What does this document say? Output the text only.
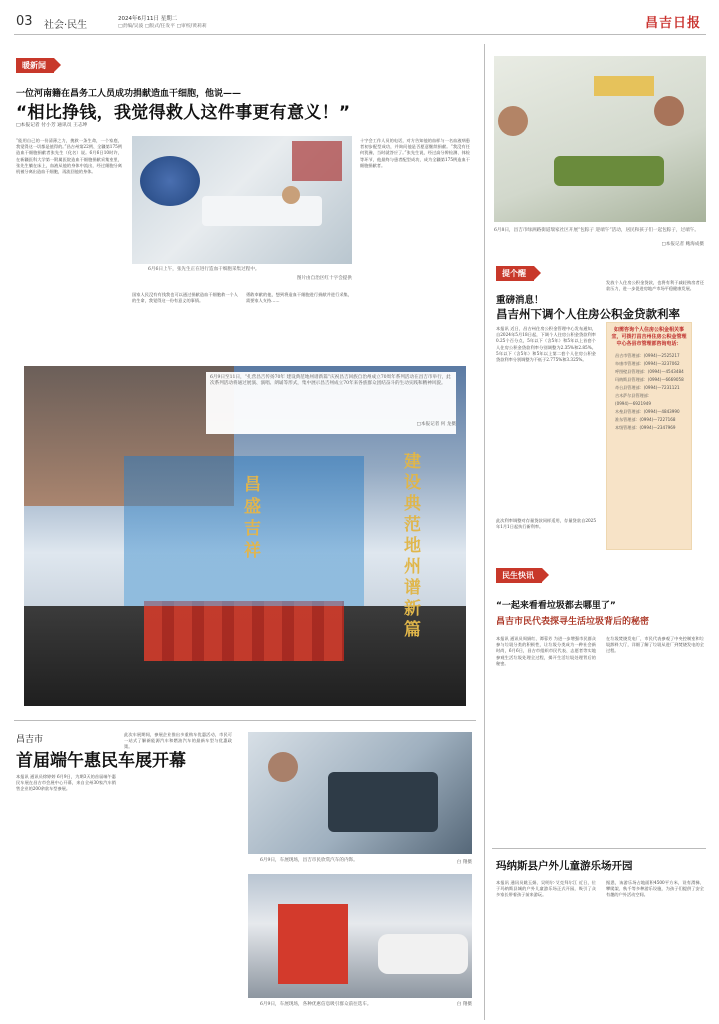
03 社会·民生
2024年6月11日 星期二
□责编/吴波 □版式/任发平 □审校/黄莉莉	昌吉日报
暖新闻
一位河南籍在昌务工人员成功捐献造血干细胞，他说——
“相比挣钱，我觉得救人这件事更有意义！”
□本报记者 付小芳 通讯员 王志坤
“能用自己的一份清薄之力，挽救一条生命，一个家庭，我觉得这一切都是值得的。”昌吉州第22例、全疆第175例造血干细胞捐献者张先生（化名）说。6月6日10时许，在新疆医科大学第一附属医院造血干细胞捐献采集室里，张先生躺在床上，血液从他的身体中流出，经过细胞分离机被分离出造血干细胞，再流回他的身体。
6月6日上午，张先生正在进行造血干细胞采集过程中。
图片由自治区红十字会提供
国家人民没有有钱我也可以通过捐献造血干细胞救一个人的生命，我觉得这一份有意义的事情。
勇敢奉献的他，想到将造血干细胞进行捐献并进行采集，需要家人支持……
十字会工作人员的电话，对方告知他的血样与一名血液病患者初步配型成功，并询问他是否愿意继续捐献。“我没有任何犹豫，当时就答应了。”张先生说，经过高分辨检测、体检等环节，他最终与患者配型成功，成为全疆第175例造血干细胞捐献者。
6月8日，昌吉市绿洲路街道瑞家社区开展“包粽子 迎端午”活动，居民和孩子们一起包粽子，过端午。
□本报记者 鲍海成摄
6月9日至11日，“扎营昌吉传扬70年 建设典范地州谱新篇”庆祝昌吉回族自治州成立70周年系列活动在昌吉市举行，此次系列活动将通过展演、演唱、朗诵等形式，集中展示昌吉州成立70年来各族群众团结奋斗的生动实践和精神风貌。
□本报记者 何 龙摄
建设典范地州谱新篇
昌盛吉祥
提个醒
重磅消息！
昌吉州下调个人住房公积金贷款利率
本报讯 近日，昌吉州住房公积金管理中心发布通知，自2024年5月18日起，下调个人住房公积金贷款利率0.25个百分点，5年以下（含5年）和5年以上首套个人住房公积金贷款利率分别调整为2.35%和2.85%。5年以下（含5年）和5年以上第二套个人住房公积金贷款利率分别调整为不低于2.775%和3.325%。
此次利率调整对存量贷款同样适用，存量贷款自2025年1月1日起执行新利率。
发放个人住房公积金贷款，也将有利于减轻购房者还款压力，进一步促进房地产市场平稳健康发展。
如需咨询个人住房公积金相关事宜，可拨打昌吉州住房公积金管理中心各县市管理部咨询电话：
昌吉市管理部：(0994)—2525217
阜康市管理部：(0994)—3237062
呼图壁县管理部：(0994)—4543484
玛纳斯县管理部：(0994)—6669058
奇台县管理部：(0994)—7231121
吉木萨尔县管理部：
(0994)—6921949
木垒县管理部：(0994)—4843990
准东管理部：(0994)—7227168
本级管理部：(0994)—2347969
民生快讯
“一起来看看垃圾都去哪里了”
昌吉市民代表探寻生活垃圾背后的秘密
本报讯 通讯员周娟红、谭蓉芳 为进一步增强市民群众参与垃圾分类的积极性，让垃圾分类成为一种社会新时尚，6月6日，昌吉市组织市民代表、志愿者等实地参观生活垃圾处理全过程，揭开生活垃圾处理背后的秘密。
在垃圾焚烧发电厂，市民代表参观了中央控制室和垃圾卸料大厅，详细了解了垃圾从进厂到焚烧发电的全过程。
昌吉市
首届端午惠民车展开幕
本报讯 通讯员徐婷婷 6月9日，为期3天的首届端午惠民车展在昌吉市会展中心开幕，来自全州30家汽车销售企业的200余款车型参展。
此次车展期间，参展企业推出多重购车优惠活动，市民可一站式了解新能源汽车和燃油汽车的最新车型与优惠政策。
6月9日，车展现场，昌吉市民欣赏汽车的内饰。	白 翔摄
6月9日，车展现场，各种优惠信息吸引群众前往选车。	白 翔摄
玛纳斯县户外儿童游乐场开园
本报讯 通讯员姚玉娟、吴明尔·艾克拜尔江 近日，位于玛纳斯县城的户外儿童游乐场正式开园，吸引了众多家长带着孩子前来游玩。
据悉，该游乐场占地面积4500平方米，设有滑梯、攀爬架、秋千等多种游乐设施，为孩子们提供了安全有趣的户外活动空间。
